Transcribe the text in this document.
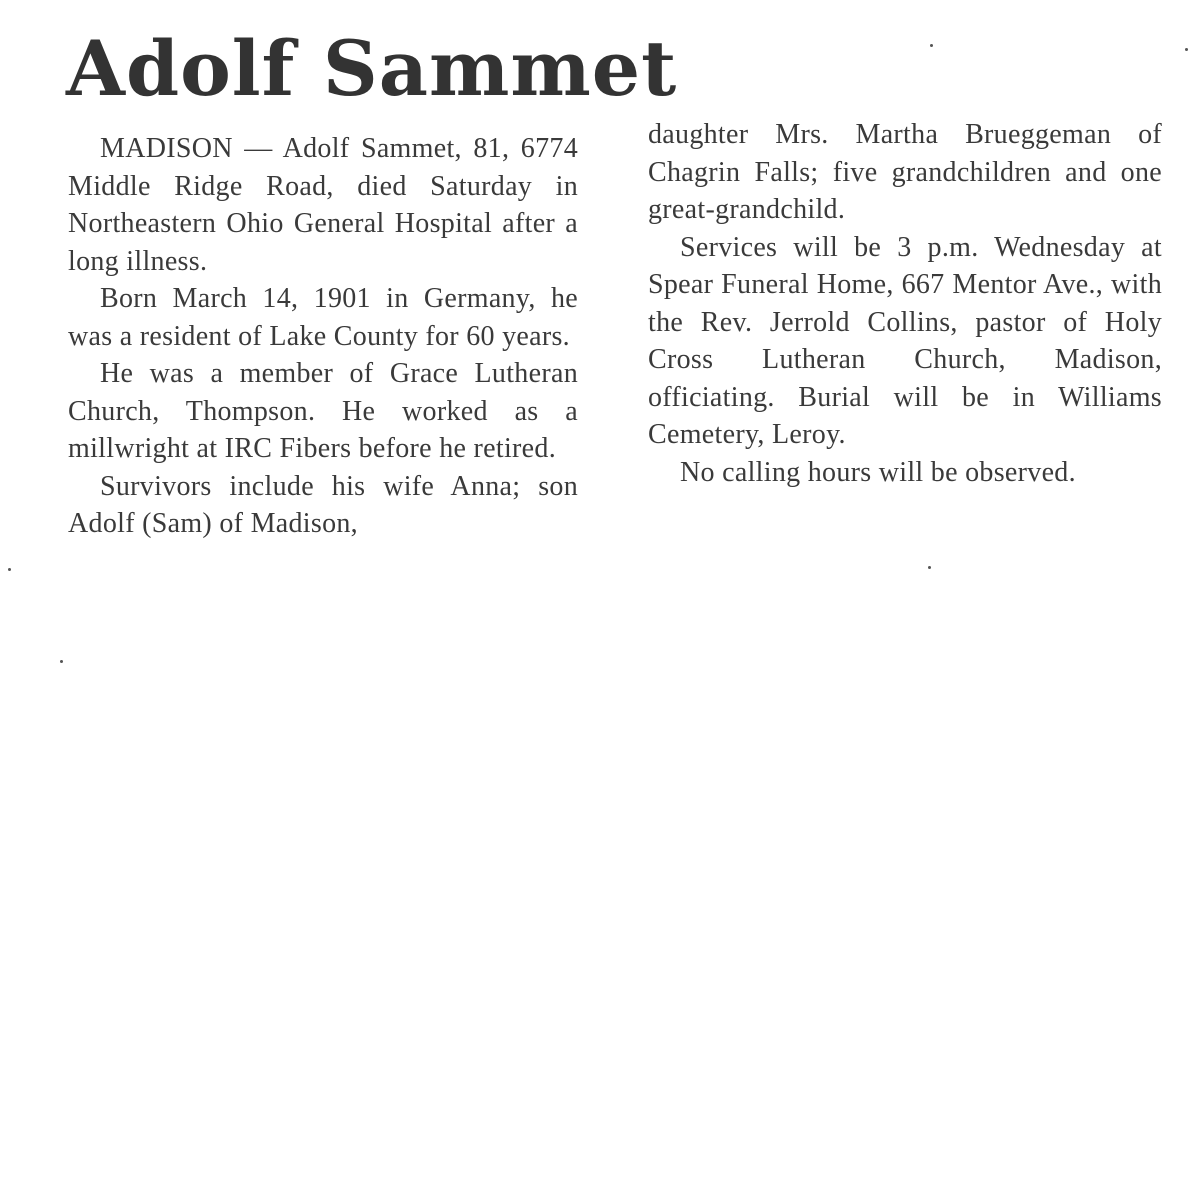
Adolf Sammet

MADISON — Adolf Sammet, 81, 6774 Middle Ridge Road, died Saturday in Northeastern Ohio General Hospital after a long illness.

Born March 14, 1901 in Germany, he was a resident of Lake County for 60 years.

He was a member of Grace Lutheran Church, Thompson. He worked as a millwright at IRC Fibers before he retired.

Survivors include his wife Anna; son Adolf (Sam) of Madison,

daughter Mrs. Martha Brueggeman of Chagrin Falls; five grandchildren and one great-grandchild.

Services will be 3 p.m. Wednesday at Spear Funeral Home, 667 Mentor Ave., with the Rev. Jerrold Collins, pastor of Holy Cross Lutheran Church, Madison, officiating. Burial will be in Williams Cemetery, Leroy.

No calling hours will be observed.
